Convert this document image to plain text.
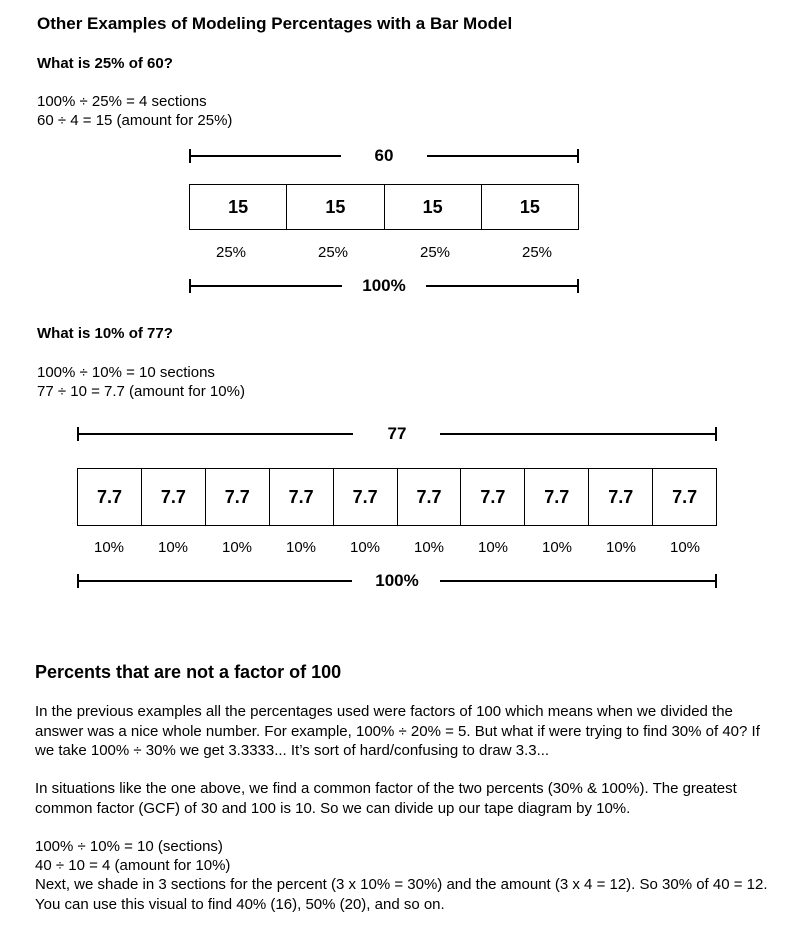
Other Examples of Modeling Percentages with a Bar Model
What is 25% of 60?
100% ÷ 25% = 4 sections
60 ÷ 4 = 15 (amount for 25%)
60
15	15	15	15
25%	25%	25%	25%
100%
What is 10% of 77?
100% ÷ 10% = 10 sections
77 ÷ 10 = 7.7 (amount for 10%)
77
7.7	7.7	7.7	7.7	7.7	7.7	7.7	7.7	7.7	7.7
10%	10%	10%	10%	10%	10%	10%	10%	10%	10%
100%
Percents that are not a factor of 100

In the previous examples all the percentages used were factors of 100 which means when we divided the answer was a nice whole number. For example, 100% ÷ 20% = 5. But what if were trying to find 30% of 40? If we take 100% ÷ 30% we get 3.3333... It’s sort of hard/confusing to draw 3.3...

In situations like the one above, we find a common factor of the two percents (30% & 100%). The greatest common factor (GCF) of 30 and 100 is 10. So we can divide up our tape diagram by 10%.

100% ÷ 10% = 10 (sections)

40 ÷ 10 = 4 (amount for 10%)

Next, we shade in 3 sections for the percent (3 x 10% = 30%) and the amount (3 x 4 = 12). So 30% of 40 = 12. You can use this visual to find 40% (16), 50% (20), and so on.
